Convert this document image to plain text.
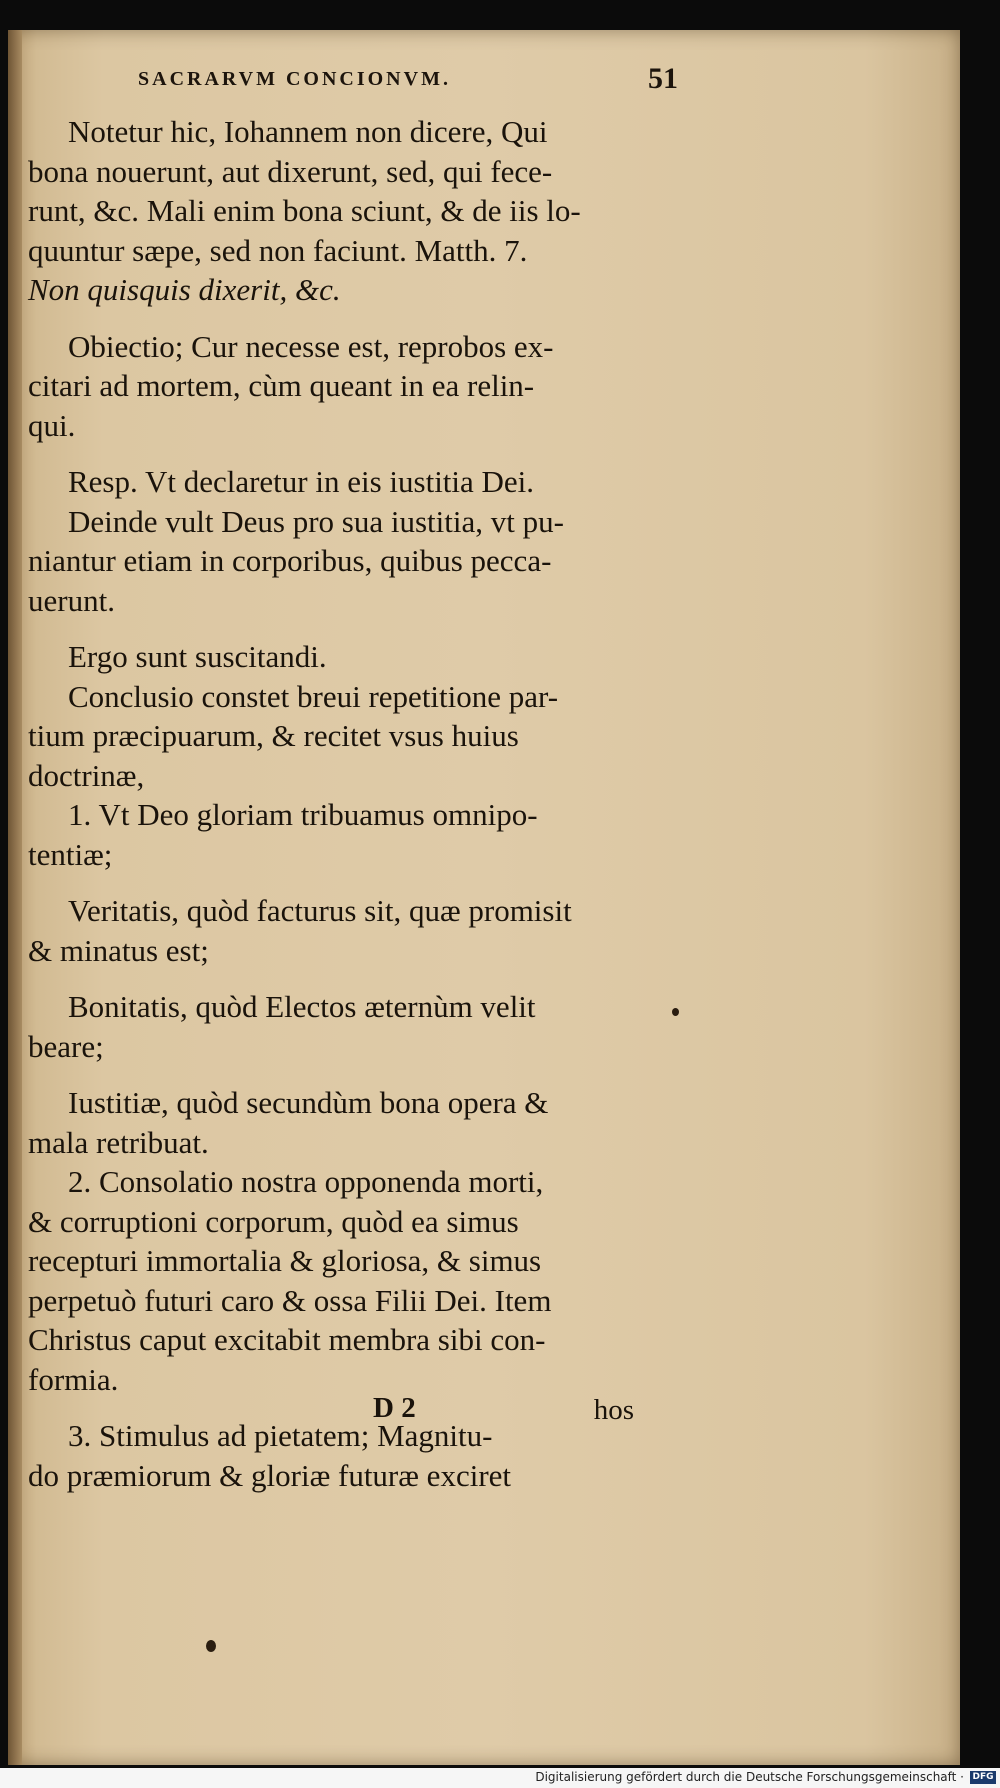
SACRARVM CONCIONVM.	51

Notetur hic, Iohannem non dicere, Qui

bona nouerunt, aut dixerunt, sed, qui fece-

runt, &c. Mali enim bona sciunt, & de iis lo-

quuntur sæpe, sed non faciunt. Matth. 7.

Non quisquis dixerit, &c.

Obiectio; Cur necesse est, reprobos ex-

citari ad mortem, cùm queant in ea relin-

qui.

Resp. Vt declaretur in eis iustitia Dei.

Deinde vult Deus pro sua iustitia, vt pu-

niantur etiam in corporibus, quibus pecca-

uerunt.

Ergo sunt suscitandi.

Conclusio constet breui repetitione par-

tium præcipuarum, & recitet vsus huius

doctrinæ,

1. Vt Deo gloriam tribuamus omnipo-

tentiæ;

Veritatis, quòd facturus sit, quæ promisit

& minatus est;

Bonitatis, quòd Electos æternùm velit

beare;

Iustitiæ, quòd secundùm bona opera &

mala retribuat.

2. Consolatio nostra opponenda morti,

& corruptioni corporum, quòd ea simus

recepturi immortalia & gloriosa, & simus

perpetuò futuri caro & ossa Filii Dei. Item

Christus caput excitabit membra sibi con-

formia.

3. Stimulus ad pietatem; Magnitu-

do præmiorum & gloriæ futuræ exciret

D 2	hos
Digitalisierung gefördert durch die Deutsche Forschungsgemeinschaft · DFG
